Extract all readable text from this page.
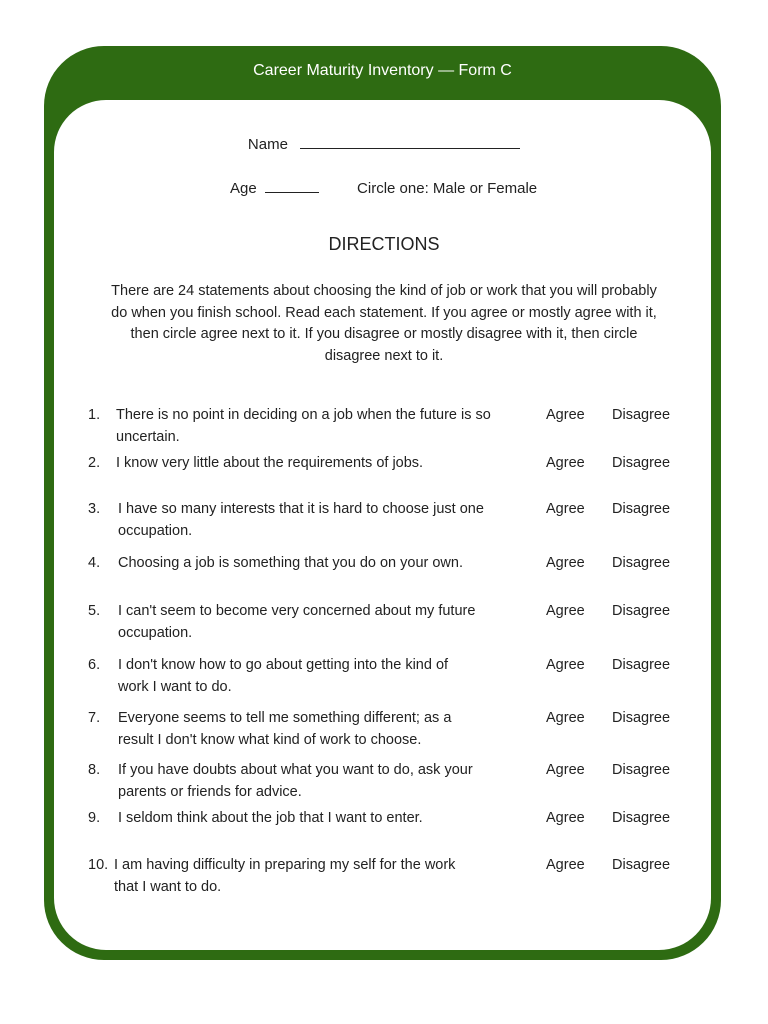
Career Maturity Inventory — Form C
Name
Age	Circle one: Male or Female
DIRECTIONS
There are 24 statements about choosing the kind of job or work that you will probably do when you finish school. Read each statement. If you agree or mostly agree with it, then circle agree next to it. If you disagree or mostly disagree with it, then circle disagree next to it.
1. There is no point in deciding on a job when the future is so uncertain.
Agree Disagree
2. I know very little about the requirements of jobs.	Agree Disagree
3. I have so many interests that it is hard to choose just one occupation.
Agree Disagree
4. Choosing a job is something that you do on your own.	Agree Disagree
5. I can't seem to become very concerned about my future occupation.
Agree Disagree
6. I don't know how to go about getting into the kind of work I want to do.
Agree Disagree
7. Everyone seems to tell me something different; as a result I don't know what kind of work to choose.
Agree Disagree
8. If you have doubts about what you want to do, ask your parents or friends for advice.
Agree Disagree
9. I seldom think about the job that I want to enter.	Agree Disagree
10. I am having difficulty in preparing my self for the work that I want to do.
Agree Disagree
